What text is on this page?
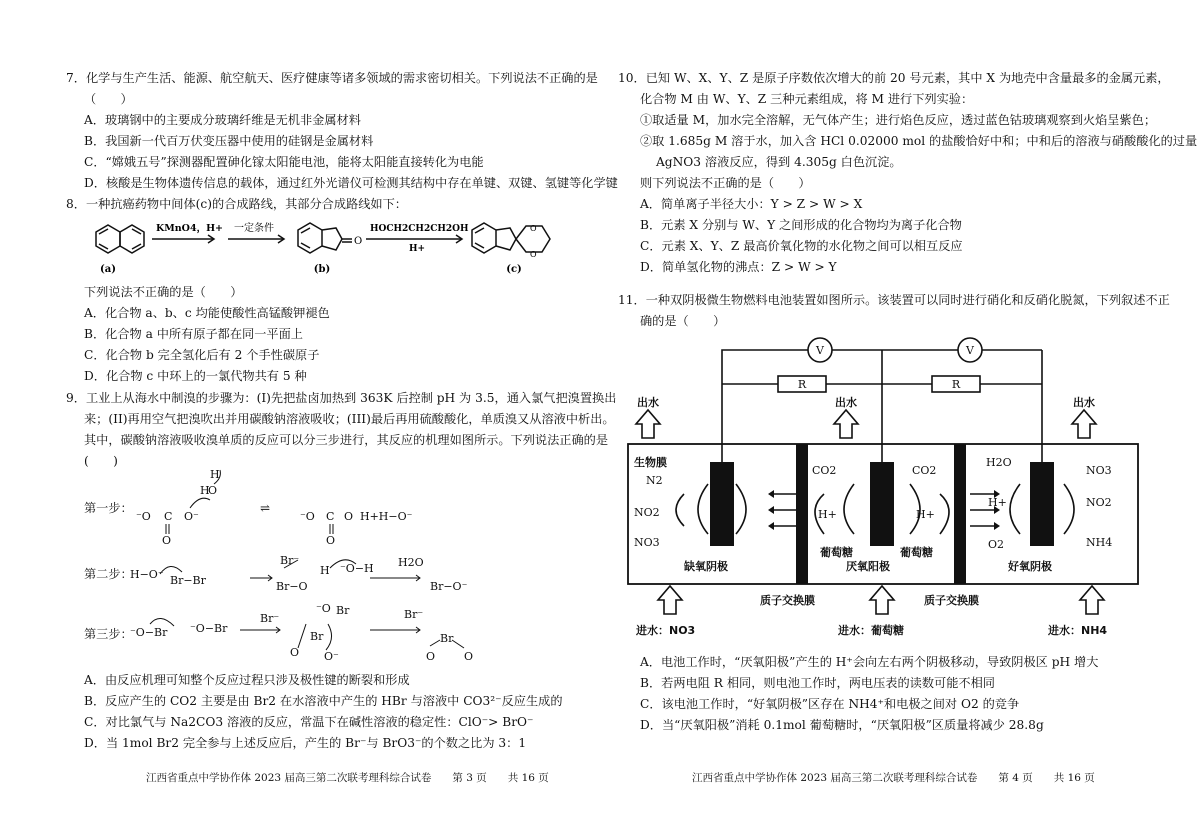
7．化学与生产生活、能源、航空航天、医疗健康等诸多领域的需求密切相关。下列说法不正确的是
（　　）
A．玻璃钢中的主要成分玻璃纤维是无机非金属材料
B．我国新一代百万伏变压器中使用的硅钢是金属材料
C．“嫦娥五号”探测器配置砷化镓太阳能电池，能将太阳能直接转化为电能
D．核酸是生物体遗传信息的载体，通过红外光谱仪可检测其结构中存在单键、双键、氢键等化学键
8．一种抗癌药物中间体(c)的合成路线，其部分合成路线如下：
(a)	(b)	(c)
KMnO4，H+ 一定条件	HOCH2CH2CH2OH
H+
O
O
O
下列说法不正确的是（　　）
A．化合物 a、b、c 均能使酸性高锰酸钾褪色
B．化合物 a 中所有原子都在同一平面上
C．化合物 b 完全氢化后有 2 个手性碳原子
D．化合物 c 中环上的一氯代物共有 5 种
9．工业上从海水中制溴的步骤为：(I)先把盐卤加热到 363K 后控制 pH 为 3.5，通入氯气把溴置换出
来；(II)再用空气把溴吹出并用碳酸钠溶液吸收；(III)最后再用硫酸酸化，单质溴又从溶液中析出。
其中，碳酸钠溶液吸收溴单质的反应可以分三步进行，其反应的机理如图所示。下列说法正确的是
(　　)
第一步：
第二步：
第三步：
⁻O C O⁻
O
H
H
O
⇌
⁻O C O H+H−O⁻
O
H−O⁻ Br−Br
Br⁻
Br−O
H ⁻O−H H2O
Br−O⁻
⁻O−Br ⁻O−Br
Br⁻
Br
⁻O Br
O O⁻
Br⁻
Br
O	O
A．由反应机理可知整个反应过程只涉及极性键的断裂和形成
B．反应产生的 CO2 主要是由 Br2 在水溶液中产生的 HBr 与溶液中 CO3²⁻反应生成的
C．对比氯气与 Na2CO3 溶液的反应，常温下在碱性溶液的稳定性：ClO⁻> BrO⁻
D．当 1mol Br2 完全参与上述反应后，产生的 Br⁻与 BrO3⁻的个数之比为 3：1
江西省重点中学协作体 2023 届高三第二次联考理科综合试卷　　第 3 页　　共 16 页
10．已知 W、X、Y、Z 是原子序数依次增大的前 20 号元素，其中 X 为地壳中含量最多的金属元素，
化合物 M 由 W、Y、Z 三种元素组成，将 M 进行下列实验：
①取适量 M，加水完全溶解，无气体产生；进行焰色反应，透过蓝色钴玻璃观察到火焰呈紫色；
②取 1.685g M 溶于水，加入含 HCl 0.02000 mol 的盐酸恰好中和；中和后的溶液与硝酸酸化的过量
AgNO3 溶液反应，得到 4.305g 白色沉淀。
则下列说法不正确的是（　　）
A．简单离子半径大小：Y > Z > W > X
B．元素 X 分别与 W、Y 之间形成的化合物均为离子化合物
C．元素 X、Y、Z 最高价氧化物的水化物之间可以相互反应
D．简单氢化物的沸点：Z > W > Y
11．一种双阴极微生物燃料电池装置如图所示。该装置可以同时进行硝化和反硝化脱氮，下列叙述不正
确的是（　　）
V	V
R	R
出水	出水	出水
生物膜
N2
NO2
NO3
CO2	CO2
H+	H+
葡萄糖	葡萄糖
H2O
H+
O2
NO3
NO2
NH4
缺氧阴极	厌氧阳极	好氧阴极
质子交换膜	质子交换膜
进水：NO3	进水：葡萄糖	进水：NH4
A．电池工作时，“厌氧阳极”产生的 H⁺会向左右两个阴极移动，导致阴极区 pH 增大
B．若两电阻 R 相同，则电池工作时，两电压表的读数可能不相同
C．该电池工作时，“好氧阴极”区存在 NH4⁺和电极之间对 O2 的竞争
D．当“厌氧阳极”消耗 0.1mol 葡萄糖时，“厌氧阳极”区质量将减少 28.8g
江西省重点中学协作体 2023 届高三第二次联考理科综合试卷　　第 4 页　　共 16 页
